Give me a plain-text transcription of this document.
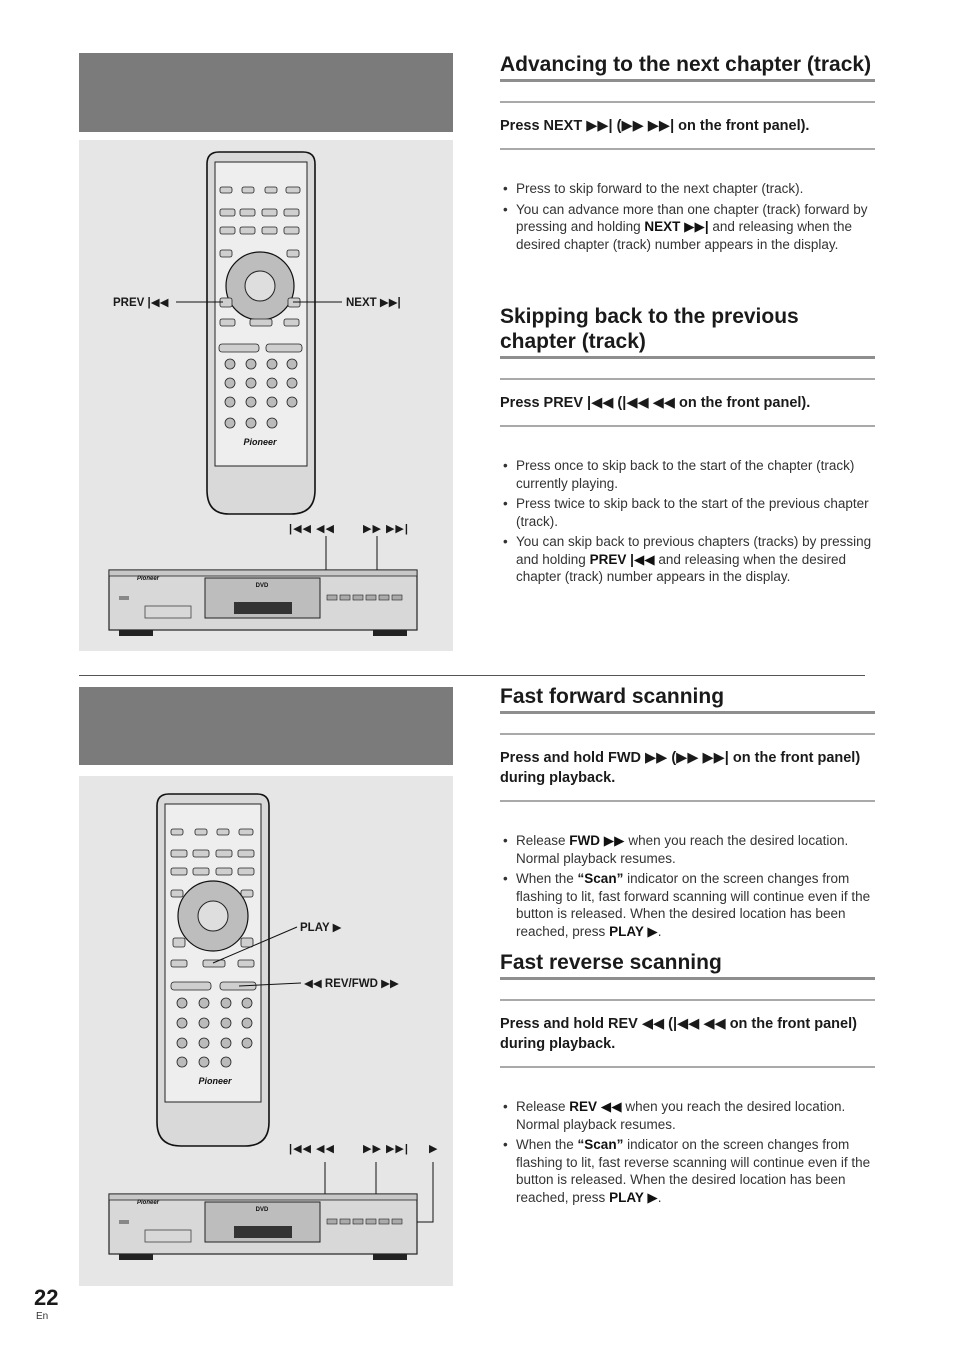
Pioneer
Pioneer
DVD
PREV |◀◀	NEXT ▶▶|
|◀◀ ◀◀	▶▶ ▶▶|
Advancing to the next chapter (track)
Press NEXT ▶▶| (▶▶ ▶▶| on the front panel).
• Press to skip forward to the next chapter (track).
• You can advance more than one chapter (track) forward by pressing and holding NEXT ▶▶| and releasing when the desired chapter (track) number appears in the display.
Skipping back to the previous chapter (track)
Press PREV |◀◀ (|◀◀ ◀◀ on the front panel).
• Press once to skip back to the start of the chapter (track) currently playing.
• Press twice to skip back to the start of the previous chapter (track).
• You can skip back to previous chapters (tracks) by pressing and holding PREV |◀◀ and releasing when the desired chapter (track) number appears in the display.
Pioneer
Pioneer
DVD
PLAY ▶
◀◀ REV/FWD ▶▶
|◀◀ ◀◀	▶▶ ▶▶| ▶
Fast forward scanning
Press and hold FWD ▶▶ (▶▶ ▶▶| on the front panel) during playback.
• Release FWD ▶▶ when you reach the desired location. Normal playback resumes.
• When the “Scan” indicator on the screen changes from flashing to lit, fast forward scanning will continue even if the button is released. When the desired location has been reached, press PLAY ▶.
Fast reverse scanning
Press and hold REV ◀◀ (|◀◀ ◀◀ on the front panel) during playback.
• Release REV ◀◀ when you reach the desired location. Normal playback resumes.
• When the “Scan” indicator on the screen changes from flashing to lit, fast reverse scanning will continue even if the button is released. When the desired location has been reached, press PLAY ▶.
22
En
